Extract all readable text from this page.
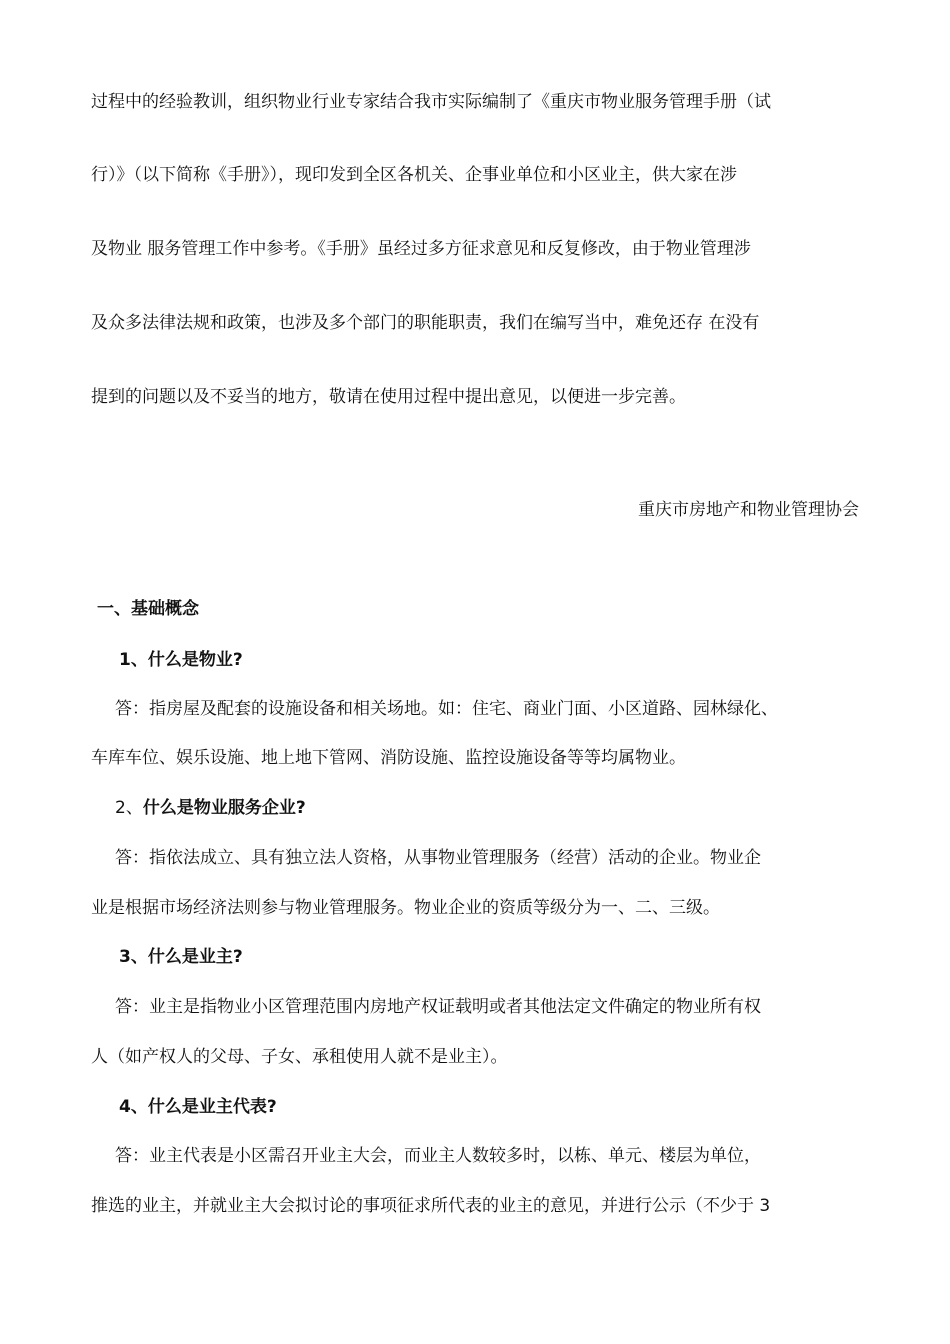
过程中的经验教训，组织物业行业专家结合我市实际编制了《重庆市物业服务管理手册（试
行）》（以下简称《手册》），现印发到全区各机关、企事业单位和小区业主，供大家在涉
及物业 服务管理工作中参考。《手册》虽经过多方征求意见和反复修改，由于物业管理涉
及众多法律法规和政策，也涉及多个部门的职能职责，我们在编写当中，难免还存 在没有
提到的问题以及不妥当的地方，敬请在使用过程中提出意见，以便进一步完善。
重庆市房地产和物业管理协会
一、基础概念
1、什么是物业?
答：指房屋及配套的设施设备和相关场地。如：住宅、商业门面、小区道路、园林绿化、
车库车位、娱乐设施、地上地下管网、消防设施、监控设施设备等等均属物业。
2、什么是物业服务企业?
答：指依法成立、具有独立法人资格，从事物业管理服务（经营）活动的企业。物业企
业是根据市场经济法则参与物业管理服务。物业企业的资质等级分为一、二、三级。
3、什么是业主?
答：业主是指物业小区管理范围内房地产权证载明或者其他法定文件确定的物业所有权
人（如产权人的父母、子女、承租使用人就不是业主）。
4、什么是业主代表?
答：业主代表是小区需召开业主大会，而业主人数较多时，以栋、单元、楼层为单位，
推选的业主，并就业主大会拟讨论的事项征求所代表的业主的意见，并进行公示（不少于 3
